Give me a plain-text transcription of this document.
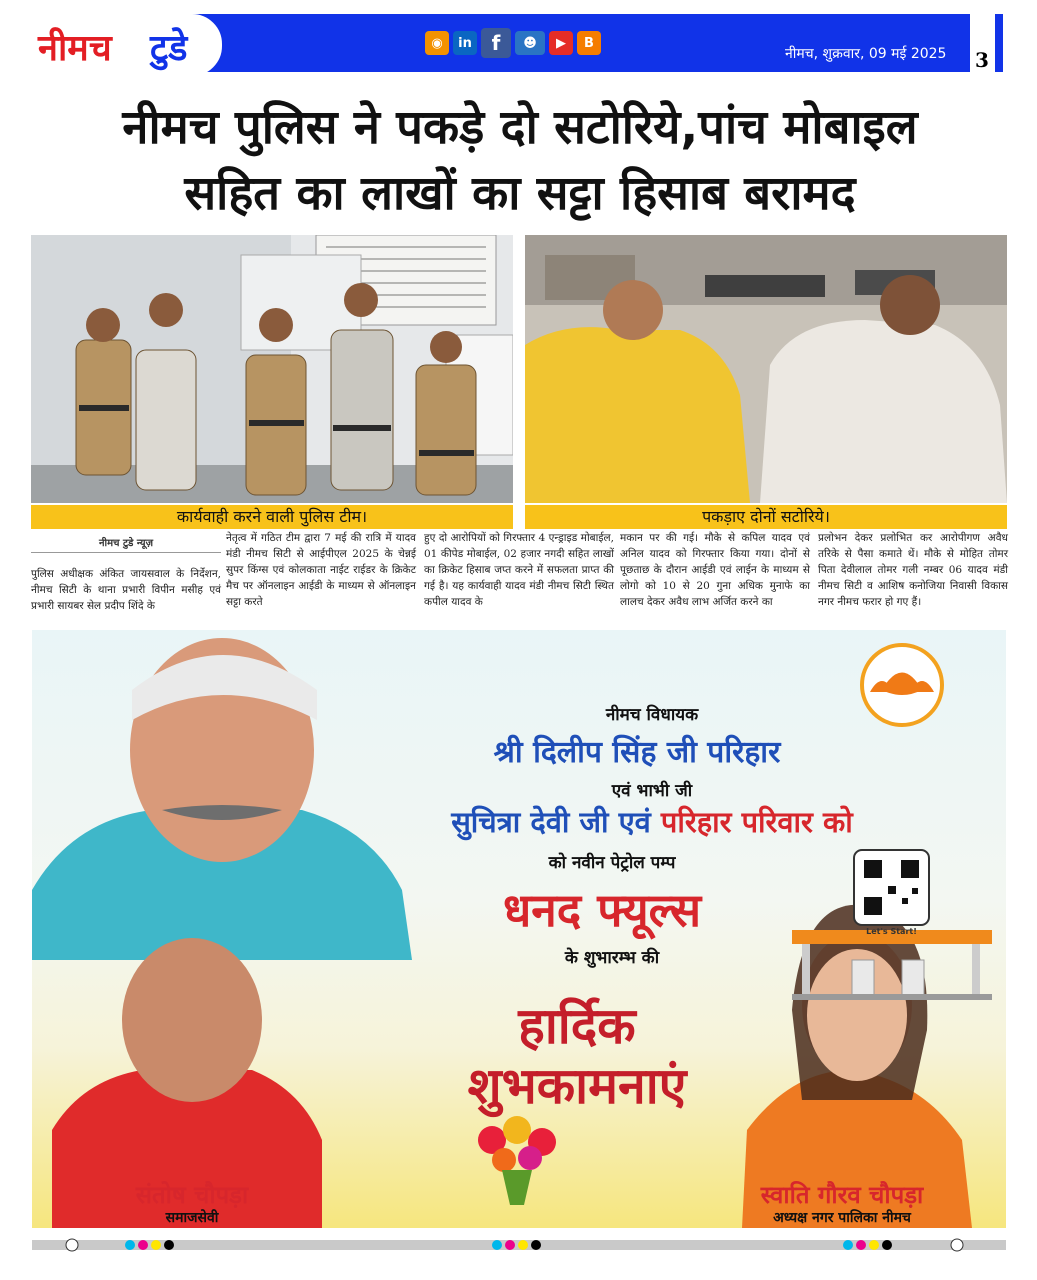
नीमच टुडे	◉	in f	☻	▶	B
नीमच, शुक्रवार, 09 मई 2025 3
नीमच पुलिस ने पकड़े दो सटोरिये,पांच मोबाइल
सहित का लाखों का सट्टा हिसाब बरामद
कार्यवाही करने वाली पुलिस टीम।	पकड़ाए दोनों सटोरिये।
नीमच टुडे न्यूज़
पुलिस अधीक्षक अंकित जायसवाल के निर्देशन, नीमच सिटी के थाना प्रभारी विपीन मसीह एवं प्रभारी सायबर सेल प्रदीप शिंदे के
नेतृत्व में गठित टीम द्वारा 7 मई की रात्रि में यादव मंडी नीमच सिटी से आईपीएल 2025 के चेन्नई सुपर किंग्स एवं कोलकाता नाईट राईडर के क्रिकेट मैच पर ऑनलाइन आईडी के माध्यम से ऑनलाइन सट्टा करते
हुए दो आरोपियों को गिरफ्तार 4 एन्ड्राइड मोबाईल, 01 कीपेड मोबाईल, 02 हजार नगदी सहित लाखों का क्रिकेट हिसाब जप्त करने में सफलता प्राप्त की गई है। यह कार्यवाही यादव मंडी नीमच सिटी स्थित कपील यादव के
मकान पर की गई। मौके से कपिल यादव एवं अनिल यादव को गिरफ्तार किया गया। दोनों से पूछताछ के दौरान आईडी एवं लाईन के माध्यम से लोगो को 10 से 20 गुना अधिक मुनाफे का लालच देकर अवैध लाभ अर्जित करने का
प्रलोभन देकर प्रलोभित कर आरोपीगण अवैध तरिके से पैसा कमाते थें। मौके से मोहित तोमर पिता देवीलाल तोमर गली नम्बर 06 यादव मंडी नीमच सिटी व आशिष कनोजिया निवासी विकास नगर नीमच फरार हो गए हैं।
नीमच विधायक
श्री दिलीप सिंह जी परिहार
एवं भाभी जी
सुचित्रा देवी जी एवं परिहार परिवार को
को नवीन पेट्रोल पम्प
धनद फ्यूल्स
के शुभारम्भ की
हार्दिक
शुभकामनाएं
संतोष चौपड़ा
समाजसेवी
स्वाति गौरव चौपड़ा
अध्यक्ष नगर पालिका नीमच
Let's Start!
